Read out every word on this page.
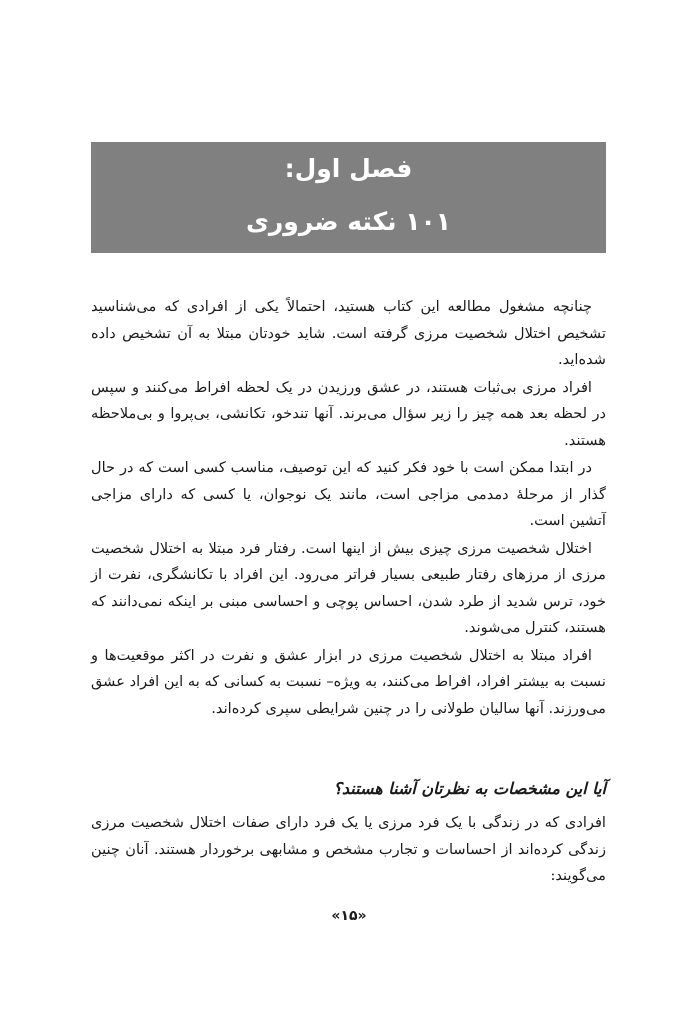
فصل اول:
۱۰۱ نکته ضروری

چنانچه مشغول مطالعه این کتاب هستید، احتمالاً یکی از افرادی که می‌شناسید تشخیص اختلال شخصیت مرزی گرفته است. شاید خودتان مبتلا به آن تشخیص داده شده‌اید.

افراد مرزی بی‌ثبات هستند، در عشق ورزیدن در یک لحظه افراط می‌کنند و سپس در لحظه بعد همه چیز را زیر سؤال می‌برند. آنها تندخو، تکانشی، بی‌پروا و بی‌ملاحظه هستند.

در ابتدا ممکن است با خود فکر کنید که این توصیف، مناسب کسی است که در حال گذار از مرحلهٔ دمدمی مزاجی است، مانند یک نوجوان، یا کسی که دارای مزاجی آتشین است.

اختلال شخصیت مرزی چیزی بیش از اینها است. رفتار فرد مبتلا به اختلال شخصیت مرزی از مرزهای رفتار طبیعی بسیار فراتر می‌رود. این افراد با تکانشگری، نفرت از خود، ترس شدید از طرد شدن، احساس پوچی و احساسی مبنی بر اینکه نمی‌دانند که هستند، کنترل می‌شوند.

افراد مبتلا به اختلال شخصیت مرزی در ابزار عشق و نفرت در اکثر موقعیت‌ها و نسبت به بیشتر افراد، افراط می‌کنند، به ویژه– نسبت به کسانی که به این افراد عشق می‌ورزند. آنها سالیان طولانی را در چنین شرایطی سپری کرده‌اند.

آیا این مشخصات به نظرتان آشنا هستند؟
افرادی که در زندگی با یک فرد مرزی یا یک فرد دارای صفات اختلال شخصیت مرزی زندگی کرده‌اند از احساسات و تجارب مشخص و مشابهی برخوردار هستند. آنان چنین می‌گویند:
«۱۵»
